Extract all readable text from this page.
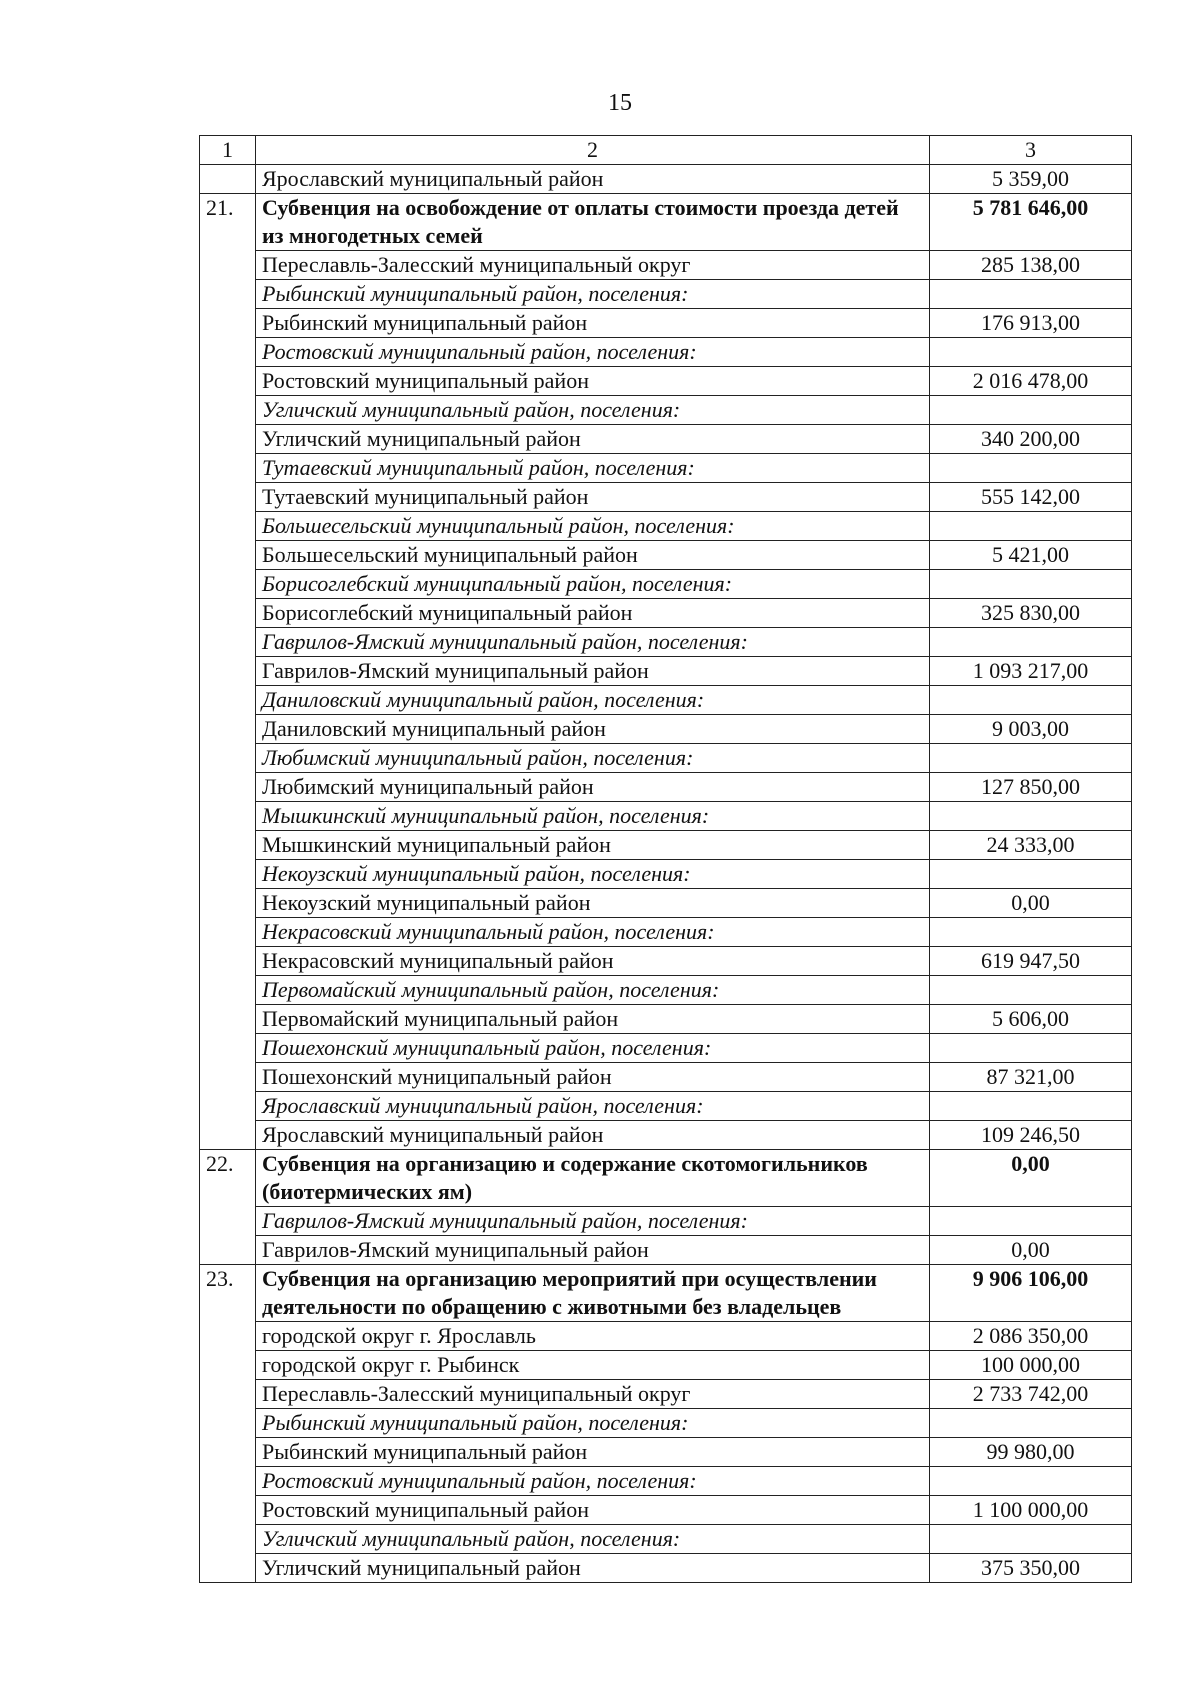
15
1	2	3
	Ярославский муниципальный район	5 359,00
21.	Субвенция на освобождение от оплаты стоимости проезда детей из многодетных семей	5 781 646,00
	Переславль-Залесский муниципальный округ	285 138,00
	Рыбинский муниципальный район, поселения:	
	Рыбинский муниципальный район	176 913,00
	Ростовский муниципальный район, поселения:	
	Ростовский муниципальный район	2 016 478,00
	Угличский муниципальный район, поселения:	
	Угличский муниципальный район	340 200,00
	Тутаевский муниципальный район, поселения:	
	Тутаевский муниципальный район	555 142,00
	Большесельский муниципальный район, поселения:	
	Большесельский муниципальный район	5 421,00
	Борисоглебский муниципальный район, поселения:	
	Борисоглебский муниципальный район	325 830,00
	Гаврилов-Ямский муниципальный район, поселения:	
	Гаврилов-Ямский муниципальный район	1 093 217,00
	Даниловский муниципальный район, поселения:	
	Даниловский муниципальный район	9 003,00
	Любимский муниципальный район, поселения:	
	Любимский муниципальный район	127 850,00
	Мышкинский муниципальный район, поселения:	
	Мышкинский муниципальный район	24 333,00
	Некоузский муниципальный район, поселения:	
	Некоузский муниципальный район	0,00
	Некрасовский муниципальный район, поселения:	
	Некрасовский муниципальный район	619 947,50
	Первомайский муниципальный район, поселения:	
	Первомайский муниципальный район	5 606,00
	Пошехонский муниципальный район, поселения:	
	Пошехонский муниципальный район	87 321,00
	Ярославский муниципальный район, поселения:	
	Ярославский муниципальный район	109 246,50
22.	Субвенция на организацию и содержание скотомогильников (биотермических ям)	0,00
	Гаврилов-Ямский муниципальный район, поселения:	
	Гаврилов-Ямский муниципальный район	0,00
23.	Субвенция на организацию мероприятий при осуществлении деятельности по обращению с животными без владельцев	9 906 106,00
	городской округ г. Ярославль	2 086 350,00
	городской округ г. Рыбинск	100 000,00
	Переславль-Залесский муниципальный округ	2 733 742,00
	Рыбинский муниципальный район, поселения:	
	Рыбинский муниципальный район	99 980,00
	Ростовский муниципальный район, поселения:	
	Ростовский муниципальный район	1 100 000,00
	Угличский муниципальный район, поселения:	
	Угличский муниципальный район	375 350,00
